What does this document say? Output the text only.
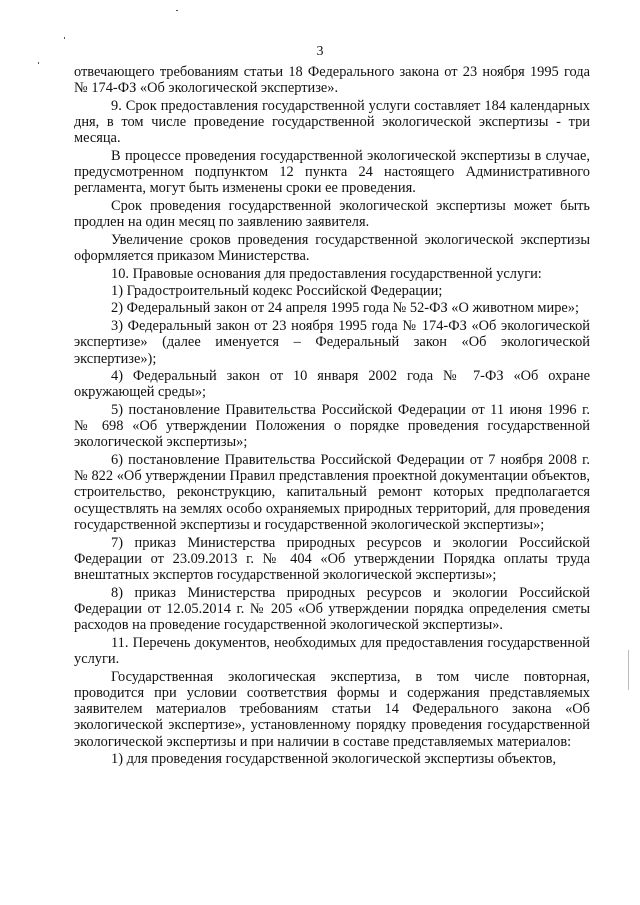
3

отвечающего требованиям статьи 18 Федерального закона от 23 ноября 1995 года № 174-ФЗ «Об экологической экспертизе».

9. Срок предоставления государственной услуги составляет 184 календарных дня, в том числе проведение государственной экологической экспертизы - три месяца.

В процессе проведения государственной экологической экспертизы в случае, предусмотренном подпунктом 12 пункта 24 настоящего Административного регламента, могут быть изменены сроки ее проведения.

Срок проведения государственной экологической экспертизы может быть продлен на один месяц по заявлению заявителя.

Увеличение сроков проведения государственной экологической экспертизы оформляется приказом Министерства.

10. Правовые основания для предоставления государственной услуги:

1) Градостроительный кодекс Российской Федерации;

2) Федеральный закон от 24 апреля 1995 года № 52-ФЗ «О животном мире»;

3) Федеральный закон от 23 ноября 1995 года № 174-ФЗ «Об экологической экспертизе» (далее именуется – Федеральный закон «Об экологической экспертизе»);

4) Федеральный закон от 10 января 2002 года № 7-ФЗ «Об охране окружающей среды»;

5) постановление Правительства Российской Федерации от 11 июня 1996 г. № 698 «Об утверждении Положения о порядке проведения государственной экологической экспертизы»;

6) постановление Правительства Российской Федерации от 7 ноября 2008 г. № 822 «Об утверждении Правил представления проектной документации объектов, строительство, реконструкцию, капитальный ремонт которых предполагается осуществлять на землях особо охраняемых природных территорий, для проведения государственной экспертизы и государственной экологической экспертизы»;

7) приказ Министерства природных ресурсов и экологии Российской Федерации от 23.09.2013 г. № 404 «Об утверждении Порядка оплаты труда внештатных экспертов государственной экологической экспертизы»;

8) приказ Министерства природных ресурсов и экологии Российской Федерации от 12.05.2014 г. № 205 «Об утверждении порядка определения сметы расходов на проведение государственной экологической экспертизы».

11. Перечень документов, необходимых для предоставления государственной услуги.

Государственная экологическая экспертиза, в том числе повторная, проводится при условии соответствия формы и содержания представляемых заявителем материалов требованиям статьи 14 Федерального закона «Об экологической экспертизе», установленному порядку проведения государственной экологической экспертизы и при наличии в составе представляемых материалов:

1) для проведения государственной экологической экспертизы объектов,
